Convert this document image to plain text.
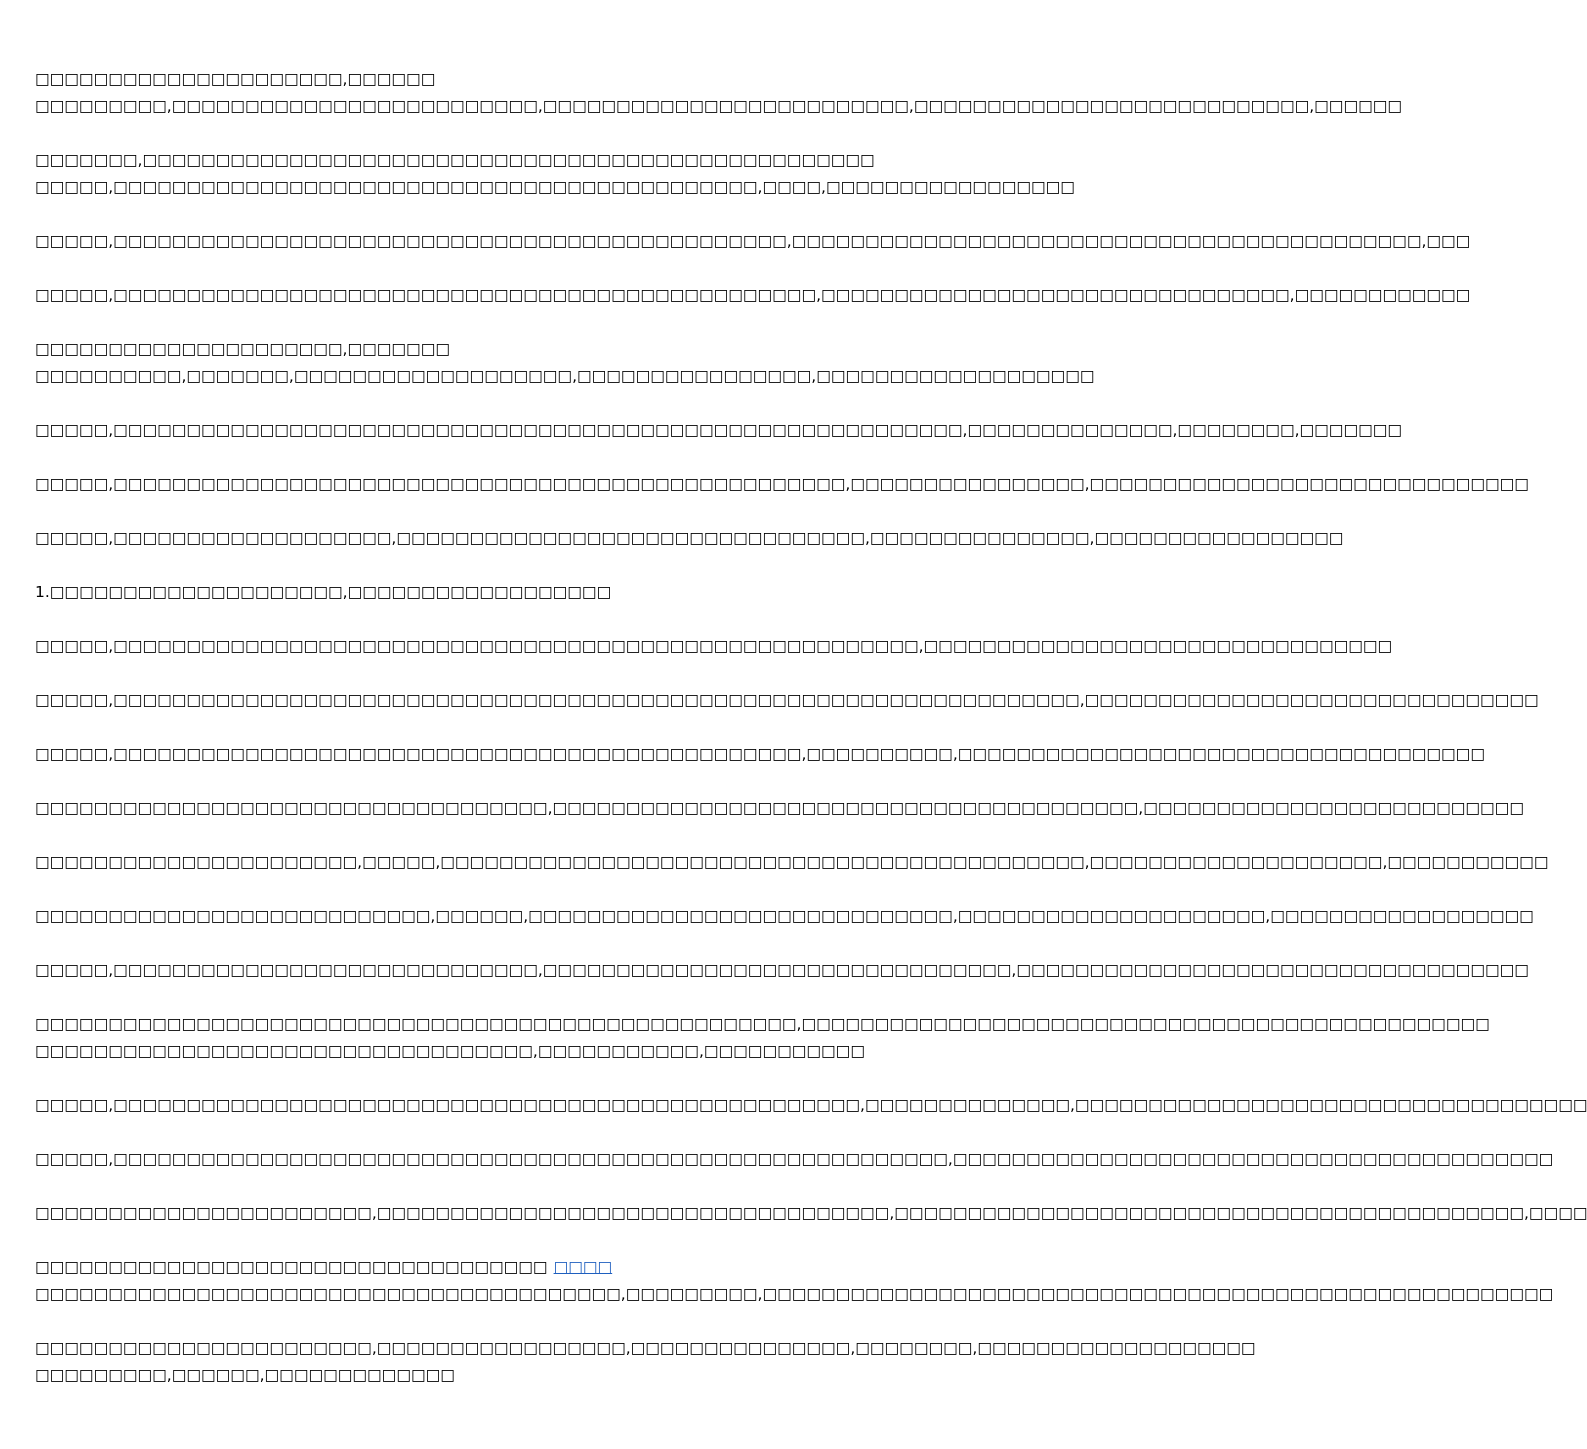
□□□□□□□□□□□□□□□□□□□□□,□□□□□□
□□□□□□□□□,□□□□□□□□□□□□□□□□□□□□□□□□□,□□□□□□□□□□□□□□□□□□□□□□□□□,□□□□□□□□□□□□□□□□□□□□□□□□□□□,□□□□□□
□□□□□□□,□□□□□□□□□□□□□□□□□□□□□□□□□□□□□□□□□□□□□□□□□□□□□□□□□□
□□□□□,□□□□□□□□□□□□□□□□□□□□□□□□□□□□□□□□□□□□□□□□□□□□,□□□□,□□□□□□□□□□□□□□□□□
□□□□□,□□□□□□□□□□□□□□□□□□□□□□□□□□□□□□□□□□□□□□□□□□□□□□,□□□□□□□□□□□□□□□□□□□□□□□□□□□□□□□□□□□□□□□□□□□,□□□
□□□□□,□□□□□□□□□□□□□□□□□□□□□□□□□□□□□□□□□□□□□□□□□□□□□□□□,□□□□□□□□□□□□□□□□□□□□□□□□□□□□□□□□,□□□□□□□□□□□□
□□□□□□□□□□□□□□□□□□□□□,□□□□□□□
□□□□□□□□□□,□□□□□□□,□□□□□□□□□□□□□□□□□□□,□□□□□□□□□□□□□□□□,□□□□□□□□□□□□□□□□□□□
□□□□□,□□□□□□□□□□□□□□□□□□□□□□□□□□□□□□□□□□□□□□□□□□□□□□□□□□□□□□□□□□,□□□□□□□□□□□□□□,□□□□□□□□,□□□□□□□
□□□□□,□□□□□□□□□□□□□□□□□□□□□□□□□□□□□□□□□□□□□□□□□□□□□□□□□□,□□□□□□□□□□□□□□□□,□□□□□□□□□□□□□□□□□□□□□□□□□□□□□□
□□□□□,□□□□□□□□□□□□□□□□□□□,□□□□□□□□□□□□□□□□□□□□□□□□□□□□□□□□,□□□□□□□□□□□□□□□,□□□□□□□□□□□□□□□□□
1.□□□□□□□□□□□□□□□□□□□□,□□□□□□□□□□□□□□□□□□
□□□□□,□□□□□□□□□□□□□□□□□□□□□□□□□□□□□□□□□□□□□□□□□□□□□□□□□□□□□□□,□□□□□□□□□□□□□□□□□□□□□□□□□□□□□□□□
□□□□□,□□□□□□□□□□□□□□□□□□□□□□□□□□□□□□□□□□□□□□□□□□□□□□□□□□□□□□□□□□□□□□□□□□,□□□□□□□□□□□□□□□□□□□□□□□□□□□□□□□
□□□□□,□□□□□□□□□□□□□□□□□□□□□□□□□□□□□□□□□□□□□□□□□□□□□□□,□□□□□□□□□□,□□□□□□□□□□□□□□□□□□□□□□□□□□□□□□□□□□□□
□□□□□□□□□□□□□□□□□□□□□□□□□□□□□□□□□□□,□□□□□□□□□□□□□□□□□□□□□□□□□□□□□□□□□□□□□□□□,□□□□□□□□□□□□□□□□□□□□□□□□□□
□□□□□□□□□□□□□□□□□□□□□□,□□□□□,□□□□□□□□□□□□□□□□□□□□□□□□□□□□□□□□□□□□□□□□□□□□,□□□□□□□□□□□□□□□□□□□□,□□□□□□□□□□□
□□□□□□□□□□□□□□□□□□□□□□□□□□□,□□□□□□,□□□□□□□□□□□□□□□□□□□□□□□□□□□□□,□□□□□□□□□□□□□□□□□□□□□,□□□□□□□□□□□□□□□□□□
□□□□□,□□□□□□□□□□□□□□□□□□□□□□□□□□□□□,□□□□□□□□□□□□□□□□□□□□□□□□□□□□□□□□,□□□□□□□□□□□□□□□□□□□□□□□□□□□□□□□□□□□
□□□□□□□□□□□□□□□□□□□□□□□□□□□□□□□□□□□□□□□□□□□□□□□□□□□□,□□□□□□□□□□□□□□□□□□□□□□□□□□□□□□□□□□□□□□□□□□□□□□□
□□□□□□□□□□□□□□□□□□□□□□□□□□□□□□□□□□,□□□□□□□□□□□,□□□□□□□□□□□
□□□□□,□□□□□□□□□□□□□□□□□□□□□□□□□□□□□□□□□□□□□□□□□□□□□□□□□□□,□□□□□□□□□□□□□□,□□□□□□□□□□□□□□□□□□□□□□□□□□□□□□□□□□□
□□□□□,□□□□□□□□□□□□□□□□□□□□□□□□□□□□□□□□□□□□□□□□□□□□□□□□□□□□□□□□□,□□□□□□□□□□□□□□□□□□□□□□□□□□□□□□□□□□□□□□□□□
□□□□□□□□□□□□□□□□□□□□□□□,□□□□□□□□□□□□□□□□□□□□□□□□□□□□□□□□□□□,□□□□□□□□□□□□□□□□□□□□□□□□□□□□□□□□□□□□□□□□□□□,□□□□
□□□□□□□□□□□□□□□□□□□□□□□□□□□□□□□□□□□ □□□□
□□□□□□□□□□□□□□□□□□□□□□□□□□□□□□□□□□□□□□□□,□□□□□□□□□,□□□□□□□□□□□□□□□□□□□□□□□□□□□□□□□□□□□□□□□□□□□□□□□□□□□□□□
□□□□□□□□□□□□□□□□□□□□□□□,□□□□□□□□□□□□□□□□□,□□□□□□□□□□□□□□□,□□□□□□□□,□□□□□□□□□□□□□□□□□□□
□□□□□□□□□,□□□□□□,□□□□□□□□□□□□□
